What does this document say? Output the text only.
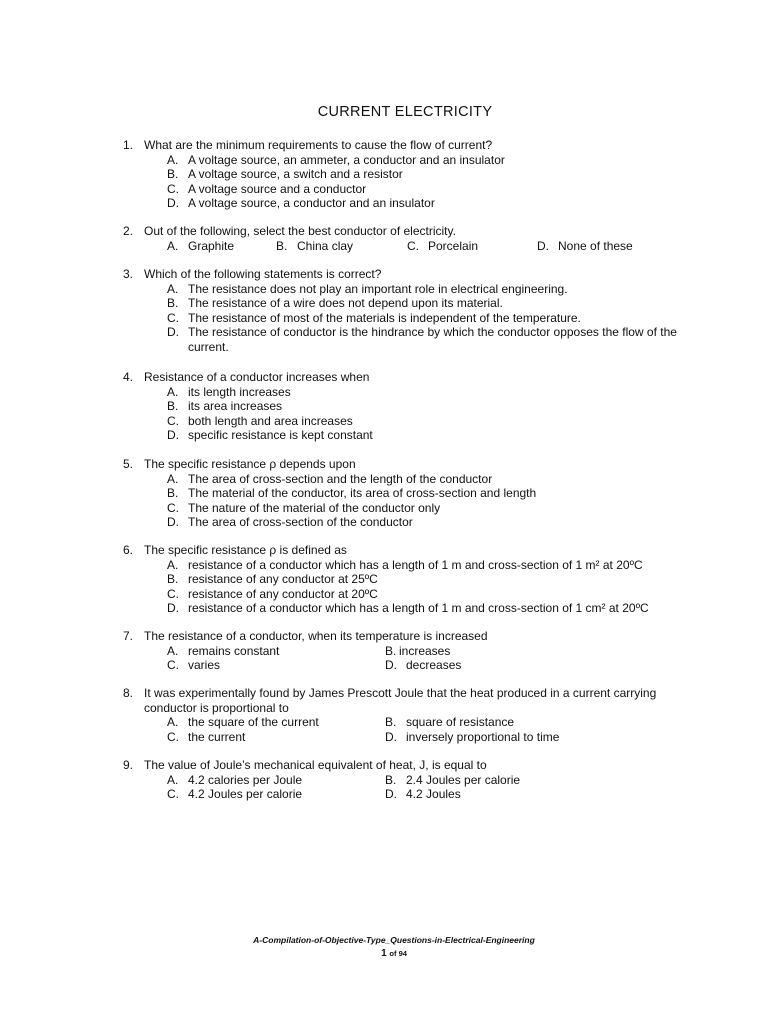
CURRENT ELECTRICITY
1. What are the minimum requirements to cause the flow of current?
A. A voltage source, an ammeter, a conductor and an insulator
B. A voltage source, a switch and a resistor
C. A voltage source and a conductor
D. A voltage source, a conductor and an insulator
2. Out of the following, select the best conductor of electricity.
A. Graphite	B. China clay	C. Porcelain	D. None of these
3. Which of the following statements is correct?
A. The resistance does not play an important role in electrical engineering.
B. The resistance of a wire does not depend upon its material.
C. The resistance of most of the materials is independent of the temperature.
D. The resistance of conductor is the hindrance by which the conductor opposes the flow of the current.
4. Resistance of a conductor increases when
A. its length increases
B. its area increases
C. both length and area increases
D. specific resistance is kept constant
5. The specific resistance ρ depends upon
A. The area of cross-section and the length of the conductor
B. The material of the conductor, its area of cross-section and length
C. The nature of the material of the conductor only
D. The area of cross-section of the conductor
6. The specific resistance ρ is defined as
A. resistance of a conductor which has a length of 1 m and cross-section of 1 m² at 20ºC
B. resistance of any conductor at 25ºC
C. resistance of any conductor at 20ºC
D. resistance of a conductor which has a length of 1 m and cross-section of 1 cm² at 20ºC
7. The resistance of a conductor, when its temperature is increased
A. remains constant	B. increases
C. varies	D. decreases
8. It was experimentally found by James Prescott Joule that the heat produced in a current carrying conductor is proportional to
A. the square of the current	B. square of resistance
C. the current	D. inversely proportional to time
9. The value of Joule’s mechanical equivalent of heat, J, is equal to
A. 4.2 calories per Joule	B. 2.4 Joules per calorie
C. 4.2 Joules per calorie	D. 4.2 Joules
A-Compilation-of-Objective-Type_Questions-in-Electrical-Engineering
1 of 94
